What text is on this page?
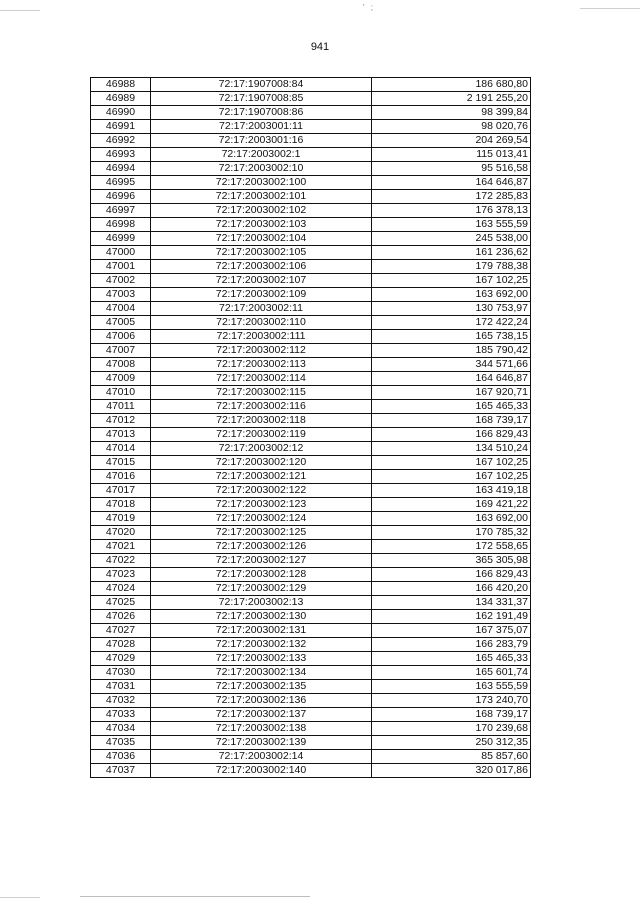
' ;
941
46988	72:17:1907008:84	186 680,80
46989	72:17:1907008:85	2 191 255,20
46990	72:17:1907008:86	98 399,84
46991	72:17:2003001:11	98 020,76
46992	72:17:2003001:16	204 269,54
46993	72:17:2003002:1	115 013,41
46994	72:17:2003002:10	95 516,58
46995	72:17:2003002:100	164 646,87
46996	72:17:2003002:101	172 285,83
46997	72:17:2003002:102	176 378,13
46998	72:17:2003002:103	163 555,59
46999	72:17:2003002:104	245 538,00
47000	72:17:2003002:105	161 236,62
47001	72:17:2003002:106	179 788,38
47002	72:17:2003002:107	167 102,25
47003	72:17:2003002:109	163 692,00
47004	72:17:2003002:11	130 753,97
47005	72:17:2003002:110	172 422,24
47006	72:17:2003002:111	165 738,15
47007	72:17:2003002:112	185 790,42
47008	72:17:2003002:113	344 571,66
47009	72:17:2003002:114	164 646,87
47010	72:17:2003002:115	167 920,71
47011	72:17:2003002:116	165 465,33
47012	72:17:2003002:118	168 739,17
47013	72:17:2003002:119	166 829,43
47014	72:17:2003002:12	134 510,24
47015	72:17:2003002:120	167 102,25
47016	72:17:2003002:121	167 102,25
47017	72:17:2003002:122	163 419,18
47018	72:17:2003002:123	169 421,22
47019	72:17:2003002:124	163 692,00
47020	72:17:2003002:125	170 785,32
47021	72:17:2003002:126	172 558,65
47022	72:17:2003002:127	365 305,98
47023	72:17:2003002:128	166 829,43
47024	72:17:2003002:129	166 420,20
47025	72:17:2003002:13	134 331,37
47026	72:17:2003002:130	162 191,49
47027	72:17:2003002:131	167 375,07
47028	72:17:2003002:132	166 283,79
47029	72:17:2003002:133	165 465,33
47030	72:17:2003002:134	165 601,74
47031	72:17:2003002:135	163 555,59
47032	72:17:2003002:136	173 240,70
47033	72:17:2003002:137	168 739,17
47034	72:17:2003002:138	170 239,68
47035	72:17:2003002:139	250 312,35
47036	72:17:2003002:14	85 857,60
47037	72:17:2003002:140	320 017,86
